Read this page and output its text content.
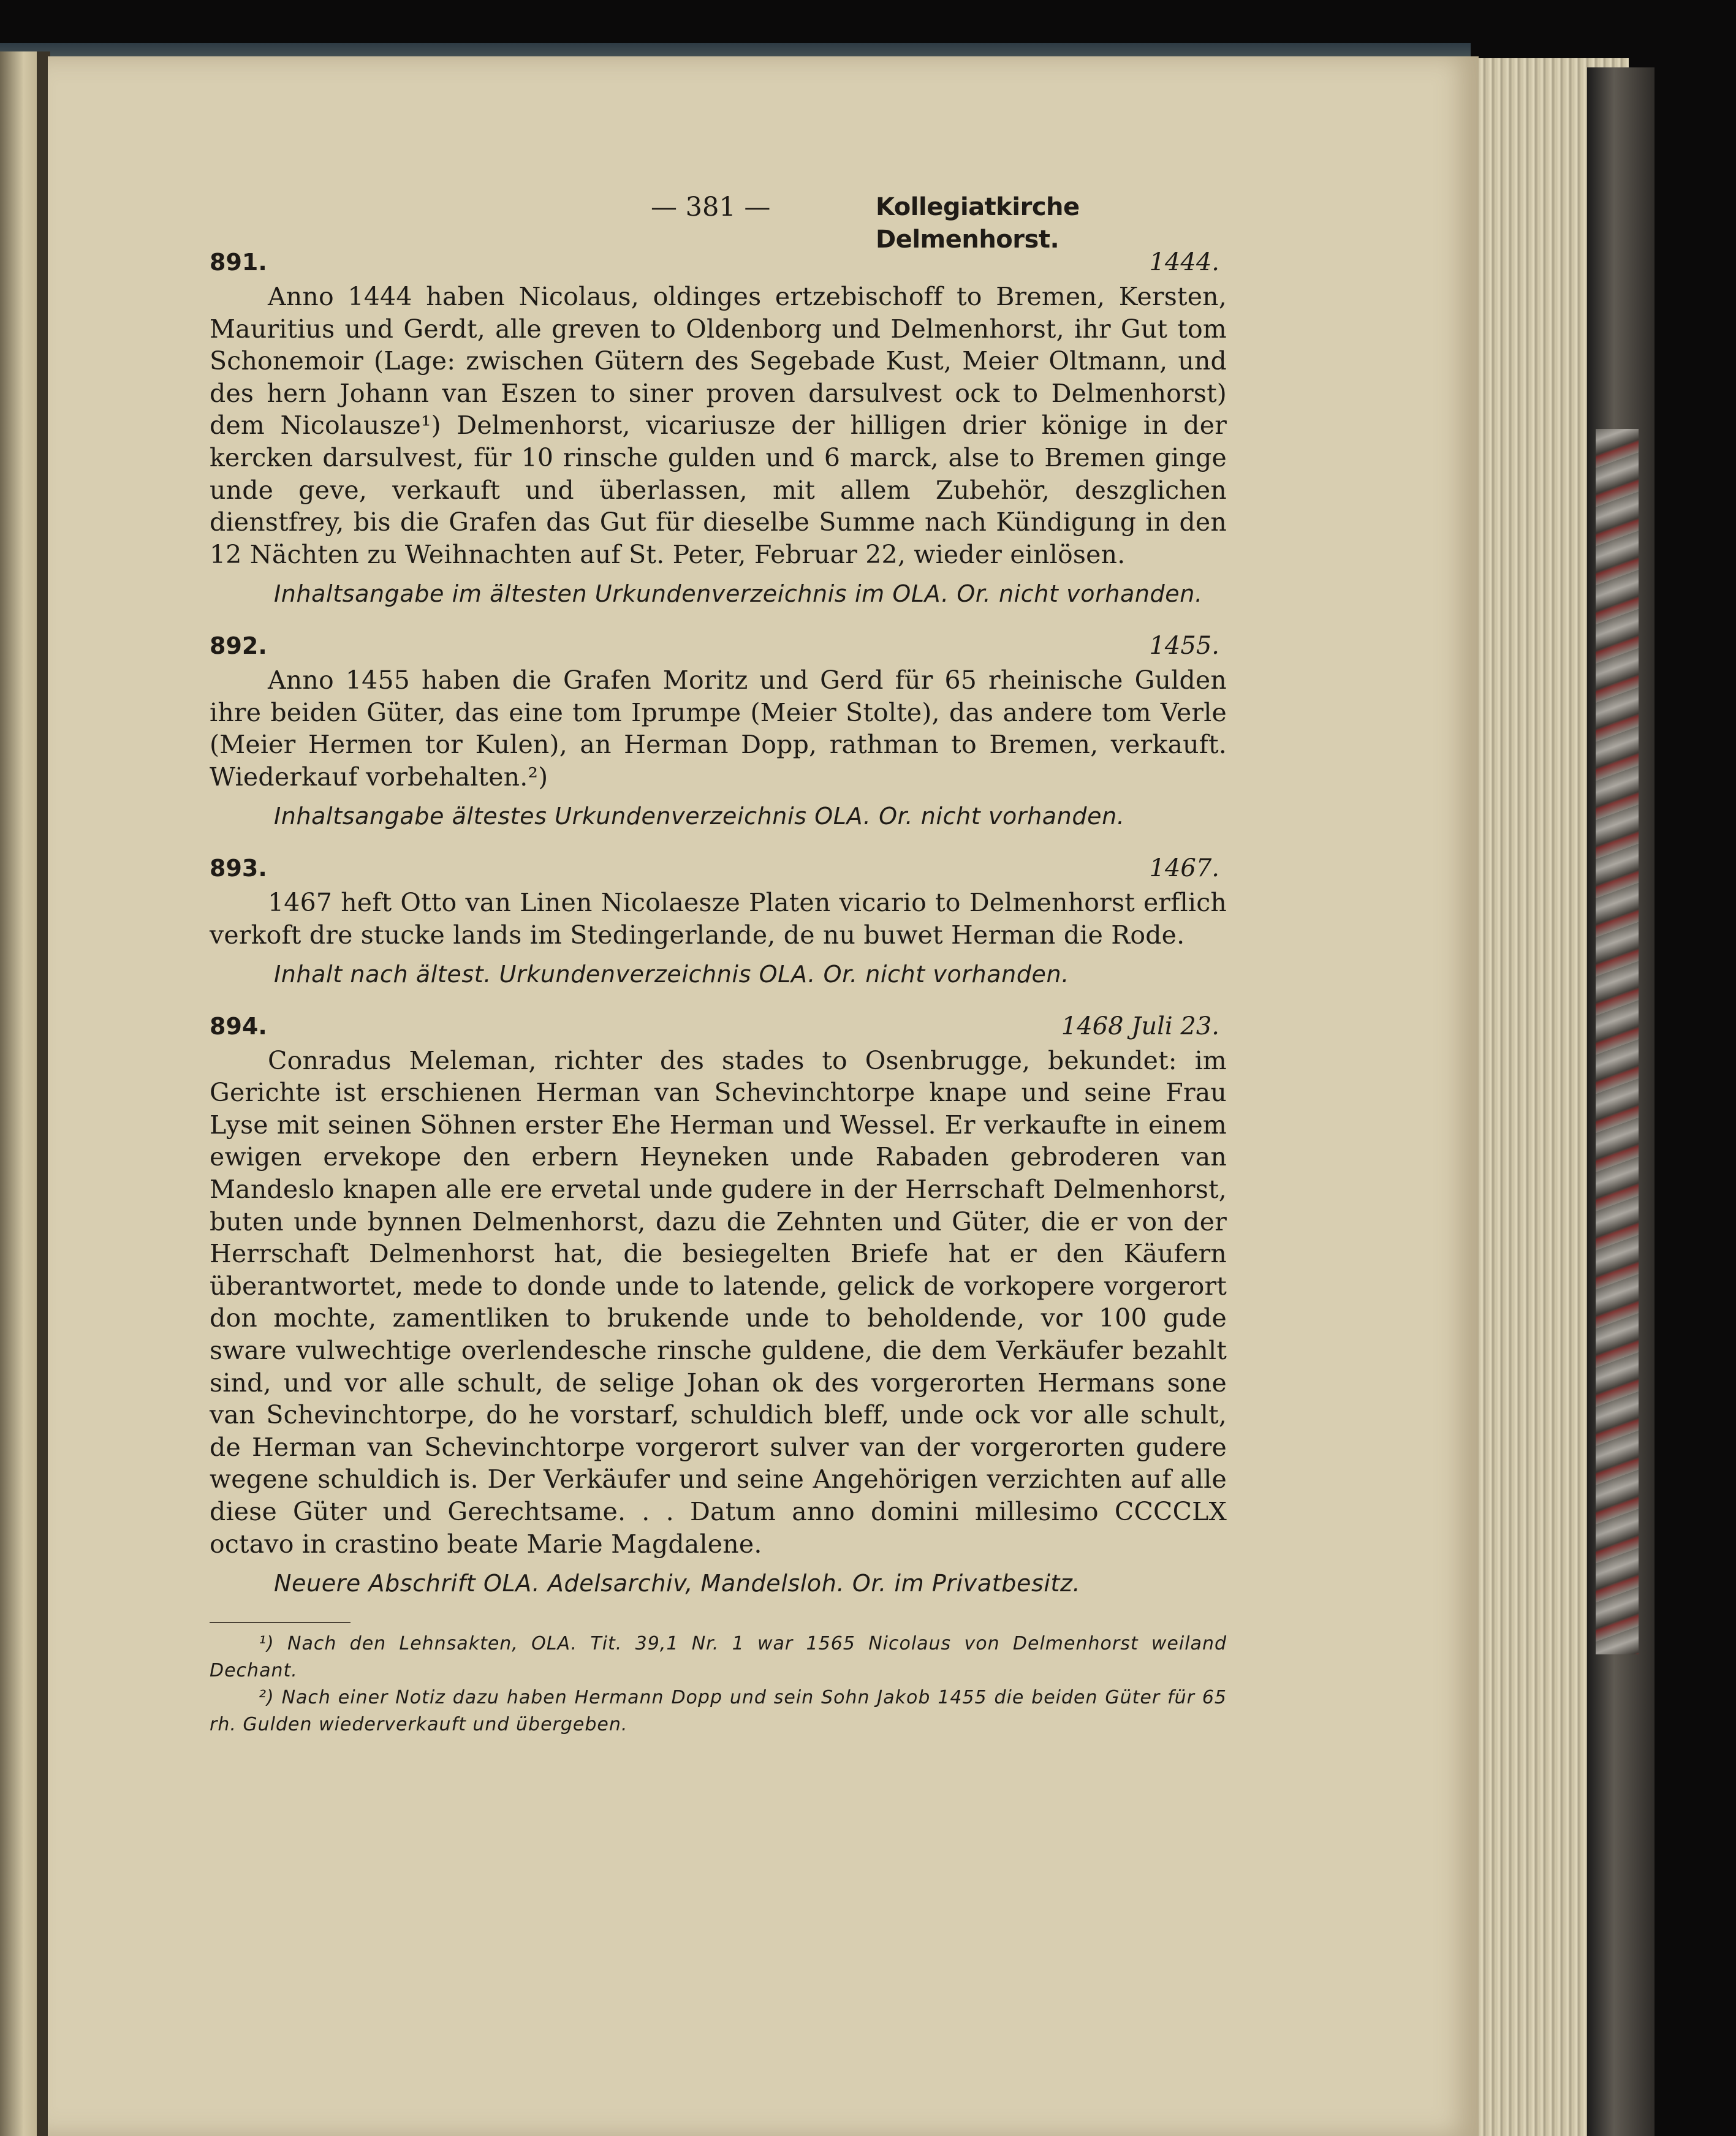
— 381 —	Kollegiatkirche Delmenhorst.
891.	1444.
Anno 1444 haben Nicolaus, oldinges ertzebischoff to Bremen, Kersten, Mauritius und Gerdt, alle greven to Oldenborg und Delmenhorst, ihr Gut tom Schonemoir (Lage: zwischen Gütern des Segebade Kust, Meier Oltmann, und des hern Johann van Eszen to siner proven darsulvest ock to Delmenhorst) dem Nicolausze¹) Delmenhorst, vicariusze der hilligen drier könige in der kercken darsulvest, für 10 rinsche gulden und 6 marck, alse to Bremen ginge unde geve, verkauft und überlassen, mit allem Zubehör, deszglichen dienstfrey, bis die Grafen das Gut für dieselbe Summe nach Kündigung in den 12 Nächten zu Weihnachten auf St. Peter, Februar 22, wieder einlösen.
Inhaltsangabe im ältesten Urkundenverzeichnis im OLA. Or. nicht vorhanden.
892.	1455.
Anno 1455 haben die Grafen Moritz und Gerd für 65 rheinische Gulden ihre beiden Güter, das eine tom Iprumpe (Meier Stolte), das andere tom Verle (Meier Hermen tor Kulen), an Herman Dopp, rathman to Bremen, verkauft. Wiederkauf vorbehalten.²)
Inhaltsangabe ältestes Urkundenverzeichnis OLA. Or. nicht vorhanden.
893.	1467.
1467 heft Otto van Linen Nicolaesze Platen vicario to Delmenhorst erflich verkoft dre stucke lands im Stedingerlande, de nu buwet Herman die Rode.
Inhalt nach ältest. Urkundenverzeichnis OLA. Or. nicht vorhanden.
894.	1468 Juli 23.
Conradus Meleman, richter des stades to Osenbrugge, bekundet: im Gerichte ist erschienen Herman van Schevinchtorpe knape und seine Frau Lyse mit seinen Söhnen erster Ehe Herman und Wessel. Er verkaufte in einem ewigen ervekope den erbern Heyneken unde Rabaden gebroderen van Mandeslo knapen alle ere ervetal unde gudere in der Herrschaft Delmenhorst, buten unde bynnen Delmenhorst, dazu die Zehnten und Güter, die er von der Herrschaft Delmenhorst hat, die besiegelten Briefe hat er den Käufern überantwortet, mede to donde unde to latende, gelick de vorkopere vorgerort don mochte, zamentliken to brukende unde to beholdende, vor 100 gude sware vulwechtige overlendesche rinsche guldene, die dem Verkäufer bezahlt sind, und vor alle schult, de selige Johan ok des vorgerorten Hermans sone van Schevinchtorpe, do he vorstarf, schuldich bleff, unde ock vor alle schult, de Herman van Schevinchtorpe vorgerort sulver van der vorgerorten gudere wegene schuldich is. Der Verkäufer und seine Angehörigen verzichten auf alle diese Güter und Gerechtsame. . . Datum anno domini millesimo CCCCLX octavo in crastino beate Marie Magdalene.
Neuere Abschrift OLA. Adelsarchiv, Mandelsloh. Or. im Privatbesitz.
¹) Nach den Lehnsakten, OLA. Tit. 39,1 Nr. 1 war 1565 Nicolaus von Delmenhorst weiland Dechant.
²) Nach einer Notiz dazu haben Hermann Dopp und sein Sohn Jakob 1455 die beiden Güter für 65 rh. Gulden wiederverkauft und übergeben.
